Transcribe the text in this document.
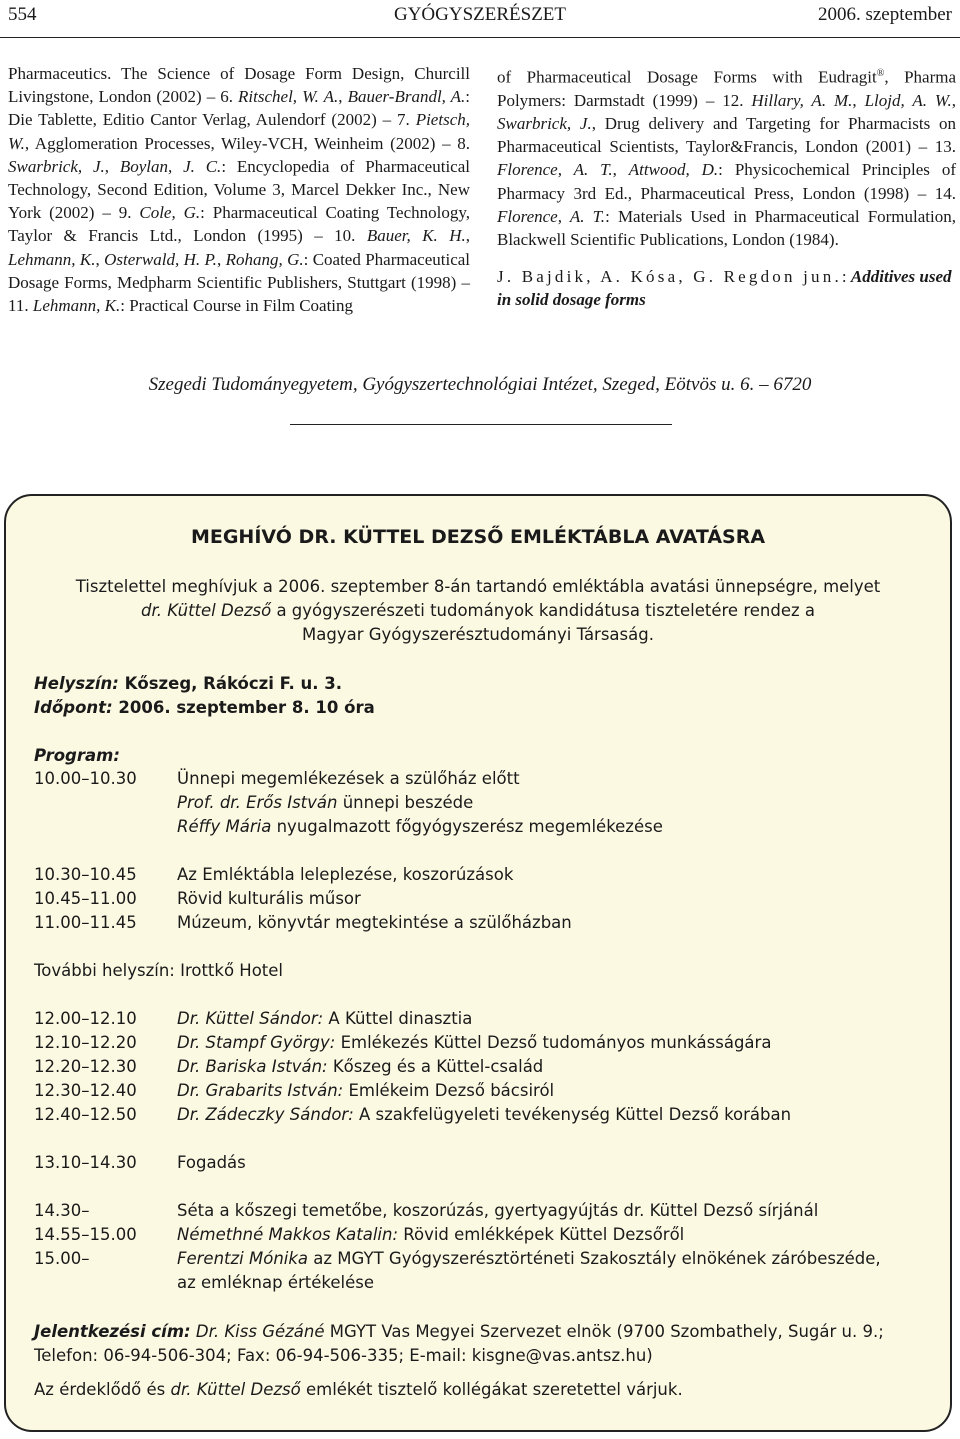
554	GYÓGYSZERÉSZET	2006. szeptember

Pharmaceutics. The Science of Dosage Form Design, Churcill Livingstone, London (2002) – 6. Ritschel, W. A., Bauer-Brandl, A.: Die Tablette, Editio Cantor Verlag, Aulendorf (2002) – 7. Pietsch, W., Agglomeration Processes, Wiley-VCH, Weinheim (2002) – 8. Swarbrick, J., Boylan, J. C.: Encyclopedia of Pharmaceutical Technology, Second Edition, Volume 3, Marcel Dekker Inc., New York (2002) – 9. Cole, G.: Pharmaceutical Coating Technology, Taylor & Francis Ltd., London (1995) – 10. Bauer, K. H., Lehmann, K., Osterwald, H. P., Rohang, G.: Coated Pharmaceutical Dosage Forms, Medpharm Scientific Publishers, Stuttgart (1998) – 11. Lehmann, K.: Practical Course in Film Coating

of Pharmaceutical Dosage Forms with Eudragit®, Pharma Polymers: Darmstadt (1999) – 12. Hillary, A. M., Llojd, A. W., Swarbrick, J., Drug delivery and Targeting for Pharmacists on Pharmaceutical Scientists, Taylor&Francis, London (2001) – 13. Florence, A. T., Attwood, D.: Physicochemical Principles of Pharmacy 3rd Ed., Pharmaceutical Press, London (1998) – 14. Florence, A. T.: Materials Used in Pharmaceutical Formulation, Blackwell Scientific Publications, London (1984).

J. Bajdik, A. Kósa, G. Regdon jun.: Additives used in solid dosage forms

Szegedi Tudományegyetem, Gyógyszertechnológiai Intézet, Szeged, Eötvös u. 6. – 6720
MEGHÍVÓ DR. KÜTTEL DEZSŐ EMLÉKTÁBLA AVATÁSRA
Tisztelettel meghívjuk a 2006. szeptember 8-án tartandó emléktábla avatási ünnepségre, melyet
dr. Küttel Dezső a gyógyszerészeti tudományok kandidátusa tiszteletére rendez a
Magyar Gyógyszerésztudományi Társaság.
Helyszín: Kőszeg, Rákóczi F. u. 3.
Időpont: 2006. szeptember 8. 10 óra
Program:
10.00–10.30 Ünnepi megemlékezések a szülőház előtt
Prof. dr. Erős István ünnepi beszéde
Réffy Mária nyugalmazott főgyógyszerész megemlékezése
10.30–10.45 Az Emléktábla leleplezése, koszorúzások
10.45–11.00 Rövid kulturális műsor
11.00–11.45 Múzeum, könyvtár megtekintése a szülőházban
További helyszín: Irottkő Hotel
12.00–12.10 Dr. Küttel Sándor: A Küttel dinasztia
12.10–12.20 Dr. Stampf György: Emlékezés Küttel Dezső tudományos munkásságára
12.20–12.30 Dr. Bariska István: Kőszeg és a Küttel-család
12.30–12.40 Dr. Grabarits István: Emlékeim Dezső bácsiról
12.40–12.50 Dr. Zádeczky Sándor: A szakfelügyeleti tevékenység Küttel Dezső korában
13.10–14.30 Fogadás
14.30–	Séta a kőszegi temetőbe, koszorúzás, gyertyagyújtás dr. Küttel Dezső sírjánál
14.55–15.00 Némethné Makkos Katalin: Rövid emlékképek Küttel Dezsőről
15.00–	Ferentzi Mónika az MGYT Gyógyszerésztörténeti Szakosztály elnökének záróbeszéde,
az emléknap értékelése
Jelentkezési cím: Dr. Kiss Gézáné MGYT Vas Megyei Szervezet elnök (9700 Szombathely, Sugár u. 9.;
Telefon: 06-94-506-304; Fax: 06-94-506-335; E-mail: kisgne@vas.antsz.hu)
Az érdeklődő és dr. Küttel Dezső emlékét tisztelő kollégákat szeretettel várjuk.
